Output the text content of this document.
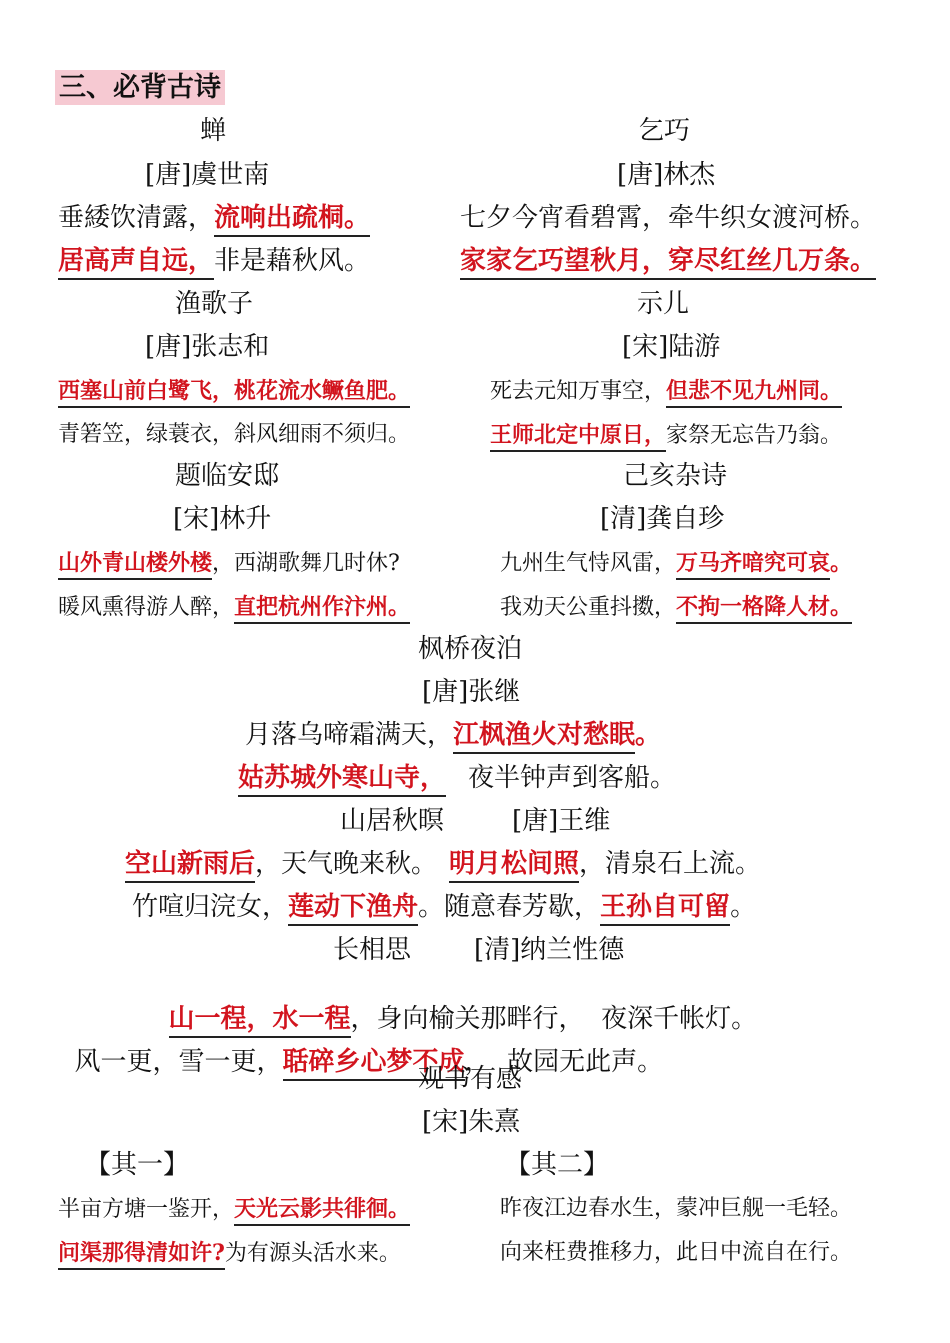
三、必背古诗
蝉
[唐]虞世南
垂緌饮清露，流响出疏桐。
居高声自远，非是藉秋风。
乞巧
[唐]林杰
七夕今宵看碧霄，牵牛织女渡河桥。
家家乞巧望秋月，穿尽红丝几万条。
渔歌子
[唐]张志和
西塞山前白鹭飞，桃花流水鳜鱼肥。
青箬笠，绿蓑衣，斜风细雨不须归。
示儿
[宋]陆游
死去元知万事空，但悲不见九州同。
王师北定中原日，家祭无忘告乃翁。
题临安邸
[宋]林升
山外青山楼外楼，西湖歌舞几时休?
暖风熏得游人醉，直把杭州作汴州。
己亥杂诗
[清]龚自珍
九州生气恃风雷，万马齐喑究可哀。
我劝天公重抖擞，不拘一格降人材。
枫桥夜泊
[唐]张继
月落乌啼霜满天，江枫渔火对愁眠。
姑苏城外寒山寺， 夜半钟声到客船。
山居秋暝	[唐]王维
空山新雨后，天气晚来秋。 明月松间照，清泉石上流。
竹喧归浣女，莲动下渔舟。随意春芳歇，王孙自可留。
长相思 [清]纳兰性德

山一程，水一程，身向榆关那畔行，  夜深千帐灯。

风一更，雪一更，聒碎乡心梦不成，  故园无此声。

观书有感
[宋]朱熹
【其一】	【其二】
半亩方塘一鉴开，天光云影共徘徊。
问渠那得清如许?为有源头活水来。
昨夜江边春水生，蒙冲巨舰一毛轻。
向来枉费推移力，此日中流自在行。
